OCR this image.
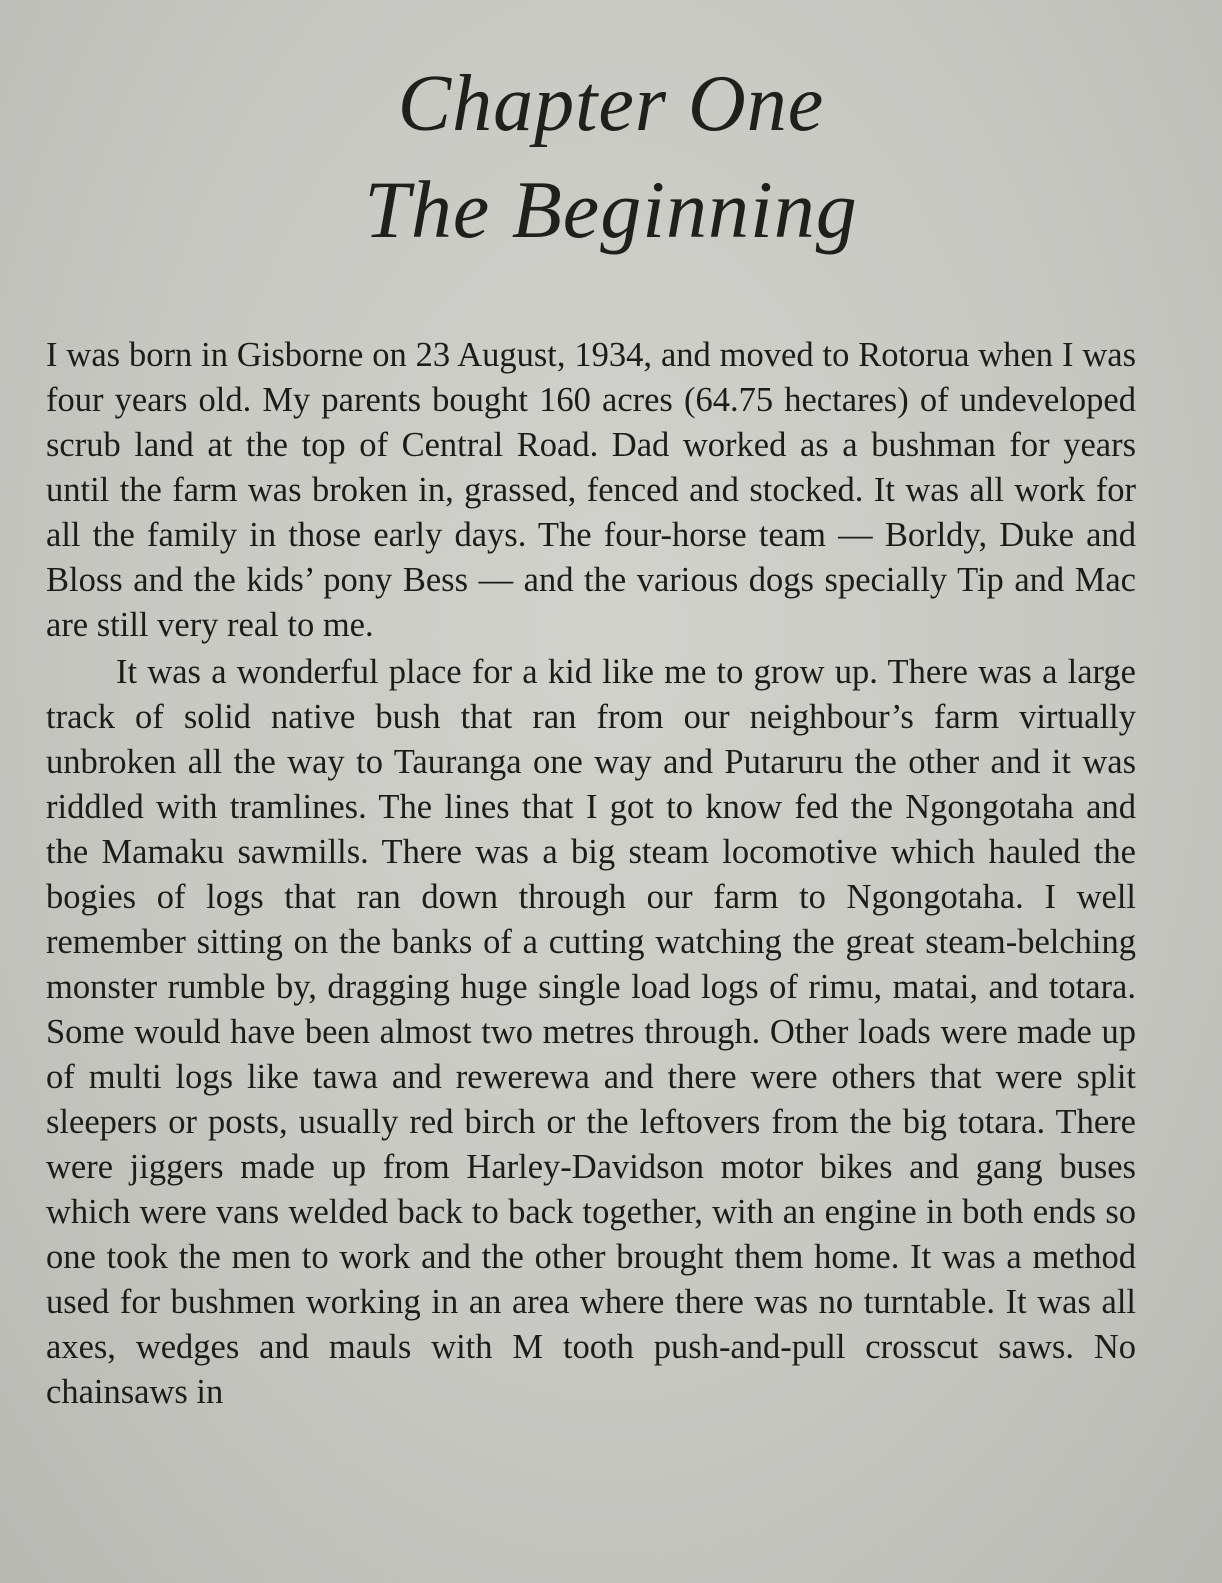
Chapter One
The Beginning

I was born in Gisborne on 23 August, 1934, and moved to Rotorua when I was four years old. My parents bought 160 acres (64.75 hectares) of undeveloped scrub land at the top of Central Road. Dad worked as a bushman for years until the farm was broken in, grassed, fenced and stocked. It was all work for all the family in those early days. The four-horse team — Borldy, Duke and Bloss and the kids’ pony Bess — and the various dogs specially Tip and Mac are still very real to me.

It was a wonderful place for a kid like me to grow up. There was a large track of solid native bush that ran from our neighbour’s farm virtually unbroken all the way to Tauranga one way and Putaruru the other and it was riddled with tramlines. The lines that I got to know fed the Ngongotaha and the Mamaku sawmills. There was a big steam locomotive which hauled the bogies of logs that ran down through our farm to Ngongotaha. I well remember sitting on the banks of a cutting watching the great steam-belching monster rumble by, dragging huge single load logs of rimu, matai, and totara. Some would have been almost two metres through. Other loads were made up of multi logs like tawa and rewerewa and there were others that were split sleepers or posts, usually red birch or the leftovers from the big totara. There were jiggers made up from Harley-Davidson motor bikes and gang buses which were vans welded back to back together, with an engine in both ends so one took the men to work and the other brought them home. It was a method used for bushmen working in an area where there was no turntable. It was all axes, wedges and mauls with M tooth push-and-pull crosscut saws. No chainsaws in
